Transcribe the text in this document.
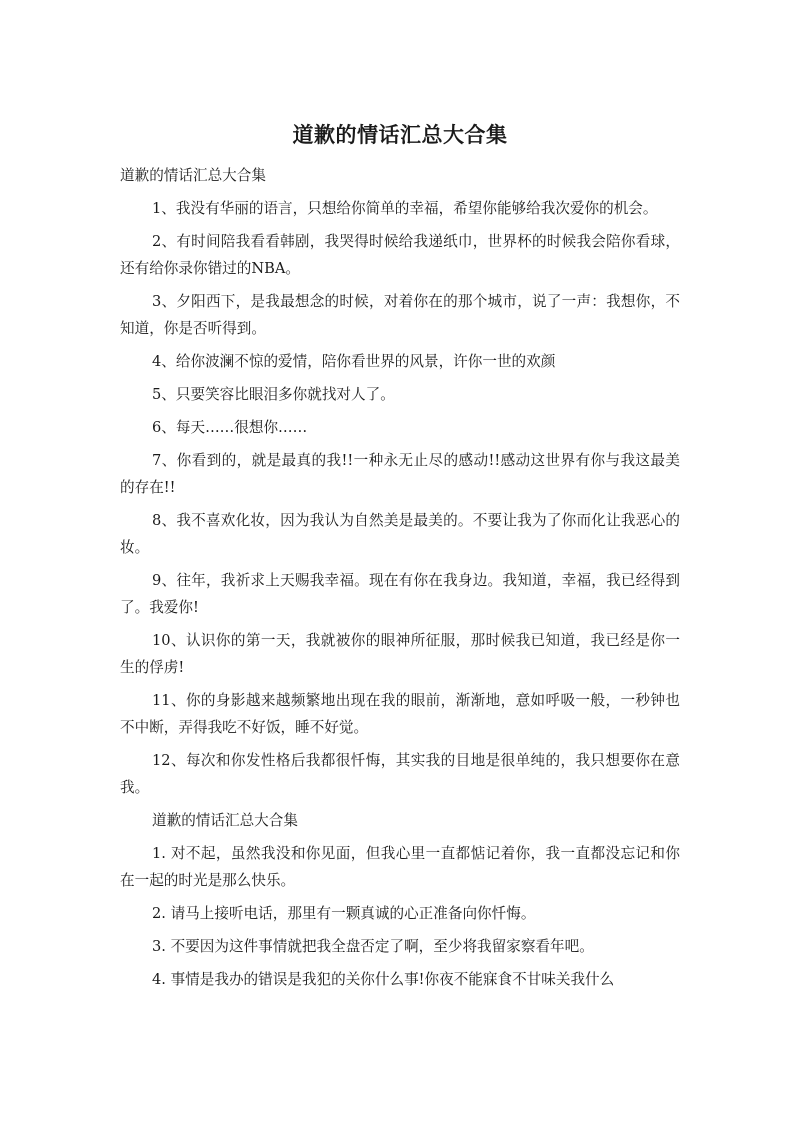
道歉的情话汇总大合集

道歉的情话汇总大合集

1、我没有华丽的语言，只想给你简单的幸福，希望你能够给我次爱你的机会。

2、有时间陪我看看韩剧，我哭得时候给我递纸巾，世界杯的时候我会陪你看球，还有给你录你错过的NBA。

3、夕阳西下，是我最想念的时候，对着你在的那个城市，说了一声：我想你，不知道，你是否听得到。

4、给你波澜不惊的爱情，陪你看世界的风景，许你一世的欢颜

5、只要笑容比眼泪多你就找对人了。

6、每天……很想你……

7、你看到的，就是最真的我!!一种永无止尽的感动!!感动这世界有你与我这最美的存在!!

8、我不喜欢化妆，因为我认为自然美是最美的。不要让我为了你而化让我恶心的妆。

9、往年，我祈求上天赐我幸福。现在有你在我身边。我知道，幸福，我已经得到了。我爱你!

10、认识你的第一天，我就被你的眼神所征服，那时候我已知道，我已经是你一生的俘虏!

11、你的身影越来越频繁地出现在我的眼前，渐渐地，意如呼吸一般，一秒钟也不中断，弄得我吃不好饭，睡不好觉。

12、每次和你发性格后我都很忏悔，其实我的目地是很单纯的，我只想要你在意我。

道歉的情话汇总大合集

1. 对不起，虽然我没和你见面，但我心里一直都惦记着你，我一直都没忘记和你在一起的时光是那么快乐。

2. 请马上接听电话，那里有一颗真诚的心正准备向你忏悔。

3. 不要因为这件事情就把我全盘否定了啊，至少将我留家察看年吧。

4. 事情是我办的错误是我犯的关你什么事!你夜不能寐食不甘味关我什么
